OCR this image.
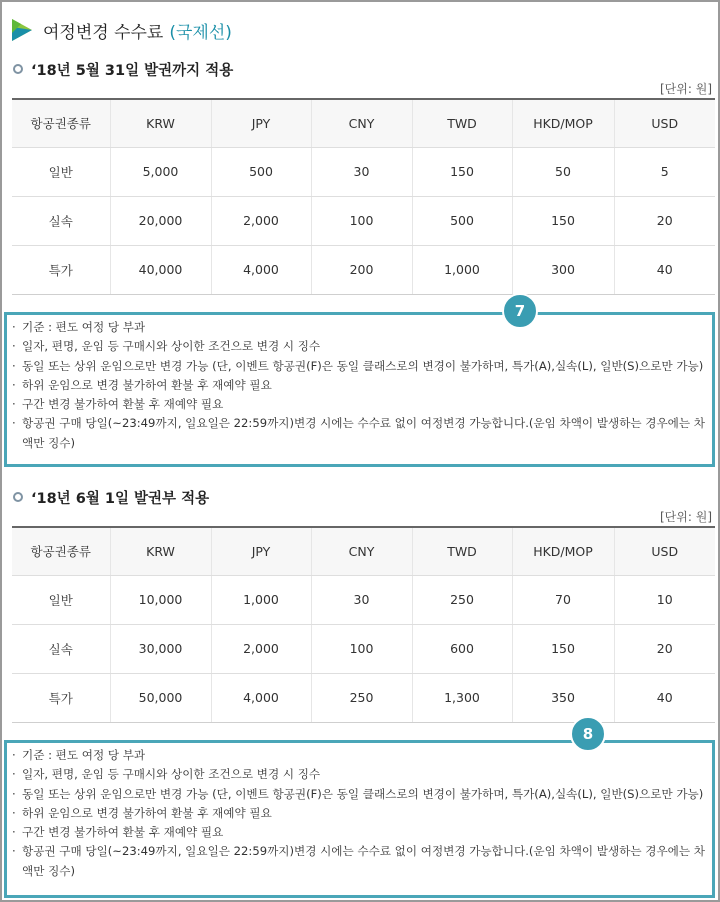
여정변경 수수료 (국제선)
‘18년 5월 31일 발권까지 적용
[단위: 원]
항공권종류	KRW	JPY	CNY	TWD	HKD/MOP	USD
일반	5,000	500	30	150	50	5
실속	20,000	2,000	100	500	150	20
특가	40,000	4,000	200	1,000	300	40
· 기준 : 편도 여정 당 부과
· 일자, 편명, 운임 등 구매시와 상이한 조건으로 변경 시 징수
· 동일 또는 상위 운임으로만 변경 가능 (단, 이벤트 항공권(F)은 동일 클래스로의 변경이 불가하며, 특가(A),실속(L), 일반(S)으로만 가능)
· 하위 운임으로 변경 불가하여 환불 후 재예약 필요
· 구간 변경 불가하여 환불 후 재예약 필요
· 항공권 구매 당일(~23:49까지, 일요일은 22:59까지)변경 시에는 수수료 없이 여정변경 가능합니다.(운임 차액이 발생하는 경우에는 차액만 징수)
7
‘18년 6월 1일 발권부 적용
[단위: 원]
항공권종류	KRW	JPY	CNY	TWD	HKD/MOP	USD
일반	10,000	1,000	30	250	70	10
실속	30,000	2,000	100	600	150	20
특가	50,000	4,000	250	1,300	350	40
· 기준 : 편도 여정 당 부과
· 일자, 편명, 운임 등 구매시와 상이한 조건으로 변경 시 징수
· 동일 또는 상위 운임으로만 변경 가능 (단, 이벤트 항공권(F)은 동일 클래스로의 변경이 불가하며, 특가(A),실속(L), 일반(S)으로만 가능)
· 하위 운임으로 변경 불가하여 환불 후 재예약 필요
· 구간 변경 불가하여 환불 후 재예약 필요
· 항공권 구매 당일(~23:49까지, 일요일은 22:59까지)변경 시에는 수수료 없이 여정변경 가능합니다.(운임 차액이 발생하는 경우에는 차액만 징수)
8
